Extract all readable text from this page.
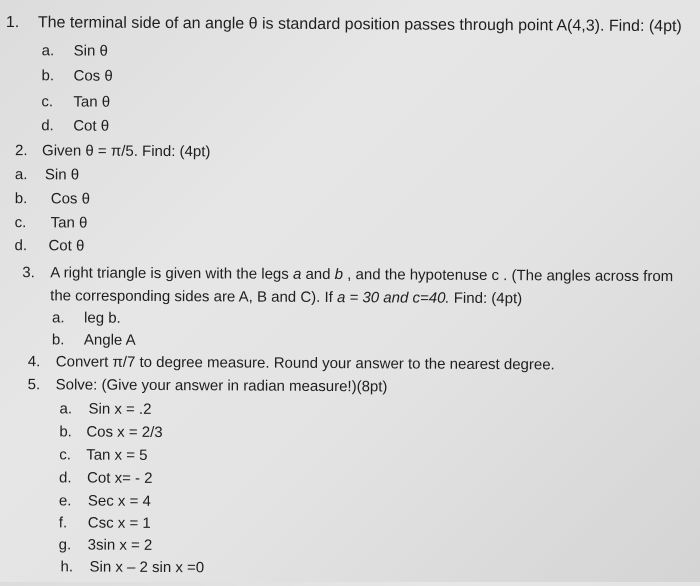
1. The terminal side of an angle θ is standard position passes through point A(4,3). Find: (4pt)
a. Sin θ
b. Cos θ
c. Tan θ
d. Cot θ
2. Given θ = π/5. Find: (4pt)
a. Sin θ
b. Cos θ
c. Tan θ
d. Cot θ
3. A right triangle is given with the legs a and b , and the hypotenuse c . (The angles across from
the corresponding sides are A, B and C). If a = 30 and c=40. Find: (4pt)
a. leg b.
b. Angle A
4. Convert π/7 to degree measure. Round your answer to the nearest degree.
5. Solve: (Give your answer in radian measure!)(8pt)
a. Sin x = .2
b. Cos x = 2/3
c. Tan x = 5
d. Cot x= - 2
e. Sec x = 4
f. Csc x = 1
g. 3sin x = 2
h. Sin x – 2 sin x =0
